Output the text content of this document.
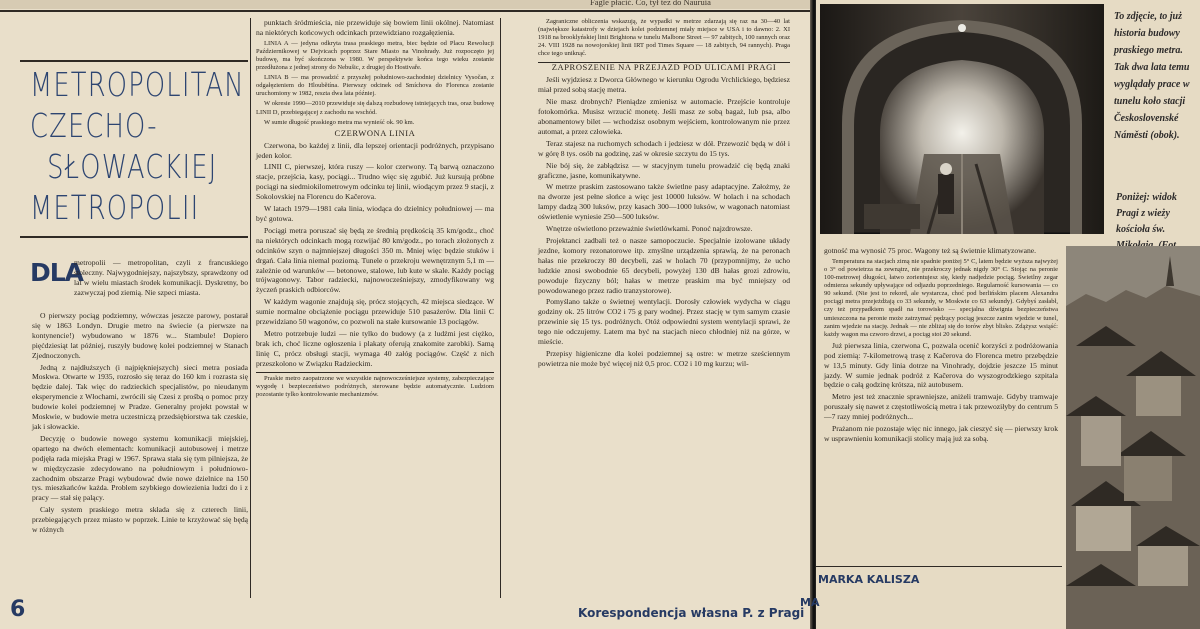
Fagle płacić. Co, tył tez do Nauruia
METROPOLITAN
CZECHO-
SŁOWACKIEJ
METROPOLII
DLA

metropolii — metropolitan, czyli z francuskiego stoleczny. Najwygodniejszy, najszybszy, sprawdzony od lat w wielu miastach środek komunikacji. Dyskretny, bo zazwyczaj pod ziemią. Nie szpeci miasta.

O pierwszy pociąg podziemny, wówczas jeszcze parowy, postarał się w 1863 Londyn. Drugie metro na świecie (a pierwsze na kontynencie!) wybudowano w 1876 w... Stambule! Dopiero pięćdziesiąt lat później, ruszyły budowę kolei podziemnej w Stanach Zjednoczonych.

Jedną z najdłuższych (i najpiękniejszych) sieci metra posiada Moskwa. Otwarte w 1935, rozrosło się teraz do 160 km i rozrasta się będzie dalej. Tak więc do radzieckich specjalistów, po nieudanym eksperymencie z Włochami, zwrócili się Czesi z prośbą o pomoc przy budowie kolei podziemnej w Pradze. Generalny projekt powstał w Moskwie, w budowie metra uczestniczą przedsiębiorstwa tak czeskie, jak i słowackie.

Decyzję o budowie nowego systemu komunikacji miejskiej, opartego na dwóch elementach: komunikacji autobusowej i metrze podjęła rada miejska Pragi w 1967. Sprawa stała się tym pilniejsza, że w międzyczasie zdecydowano na południowym i południowo-zachodnim obszarze Pragi wybudować dwie nowe dzielnice na 150 tys. mieszkańców każda. Problem szybkiego dowiezienia ludzi do i z pracy — stał się palący.

Cały system praskiego metra składa się z czterech linii, przebiegających przez miasto w poprzek. Linie te krzyżować się będą w różnych

punktach śródmieścia, nie przewiduje się bowiem linii okólnej. Natomiast na niektórych końcowych odcinkach przewidziano rozgałęzienia.

LINIA A — jedyna odkryta trasa praskiego metra, biec będzie od Placu Rewolucji Październikowej w Dejvicach poprzez Stare Miasto na Vinohrady. Już rozpoczęto jej budowę, ma być skończona w 1980. W perspektywie końca tego wieku zostanie przedłużona z jednej strony do Nebušic, z drugiej do Hostivaře.

LINIA B — ma prowadzić z przyszłej południowo-zachodniej dzielnicy Vysočan, z odgałęzieniem do Hloubětína. Pierwszy odcinek od Smíchova do Florenca zostanie uruchomiony w 1982, reszta dwa lata później.

W okresie 1990—2010 przewiduje się dalszą rozbudowę istniejących tras, oraz budowę LINII D, przebiegającej z zachodu na wschód.

W sumie długość praskiego metra ma wynieść ok. 90 km.

CZERWONA LINIA

Czerwona, bo każdej z linii, dla lepszej orientacji podróżnych, przypisano jeden kolor.

LINII C, pierwszej, która ruszy — kolor czerwony. Tą barwą oznaczono stacje, przejścia, kasy, pociągi... Trudno więc się zgubić. Już kursują próbne pociągi na siedmiokilometrowym odcinku tej linii, wiodącym przez 9 stacji, z Sokolovskiej na Florencu do Kačerova.

W latach 1979—1981 cała linia, wiodąca do dzielnicy południowej — ma być gotowa.

Pociągi metra poruszać się będą ze średnią prędkością 35 km/godz., choć na niektórych odcinkach mogą rozwijać 80 km/godz., po torach złożonych z odcinków szyn o najmniejszej długości 350 m. Mniej więc będzie stuków i drgań. Cała linia niemal poziomą. Tunele o przekroju wewnętrznym 5,1 m — zależnie od warunków — betonowe, stalowe, lub kute w skale. Każdy pociąg trójwagonowy. Tabor radziecki, najnowocześniejszy, zmodyfikowany wg życzeń praskich odbiorców.

W każdym wagonie znajdują się, prócz stojących, 42 miejsca siedzące. W sumie normalne obciążenie pociągu przewiduje 510 pasażerów. Dla linii C przewidziano 50 wagonów, co pozwoli na stałe kursowanie 13 pociągów.

Metro potrzebuje ludzi — nie tylko do budowy (a z ludźmi jest ciężko, brak ich, choć liczne ogłoszenia i plakaty oferują znakomite zarobki). Samą linię C, prócz obsługi stacji, wymaga 40 załóg pociągów. Część z nich przeszkolono w Związku Radzieckim.

Praskie metro zaopatrzone we wszystkie najnowocześniejsze systemy, zabezpieczające wygodę i bezpieczeństwo podróżnych, sterowane będzie automatycznie. Ludziom pozostanie tylko kontrolowanie mechanizmów.

Zagraniczne obliczenia wskazują, że wypadki w metrze zdarzają się raz na 30—40 lat (największe katastrofy w dziejach kolei podziemnej miały miejsce w USA i to dawno: 2. XI 1918 na brooklyńskiej linii Brightona w tunelu Malbone Street — 97 zabitych, 100 rannych oraz 24. VIII 1928 na nowojorskiej linii IRT pod Times Square — 18 zabitych, 94 rannych). Praga chce tego uniknąć.

ZAPROSZENIE NA PRZEJAZD POD ULICAMI PRAGI

Jeśli wyjdziesz z Dworca Głównego w kierunku Ogrodu Vrchlickiego, będziesz miał przed sobą stację metra.

Nie masz drobnych? Pieniądze zmienisz w automacie. Przejście kontroluje fotokomórka. Musisz wrzucić monetę. Jeśli masz ze sobą bagaż, lub psa, albo abonamentowy bilet — wchodzisz osobnym wejściem, kontrolowanym nie przez automat, a przez człowieka.

Teraz stajesz na ruchomych schodach i jedziesz w dół. Przewozić będą w dół i w górę 8 tys. osób na godzinę, zaś w okresie szczytu do 15 tys.

Nie bój się, że zabłądzisz — w stacyjnym tunelu prowadzić cię będą znaki graficzne, jasne, komunikatywne.

W metrze praskim zastosowano także świetlne pasy adaptacyjne. Założmy, że na dworze jest pełne słońce a więc jest 10000 luksów. W holach i na schodach lampy dadzą 300 luksów, przy kasach 300—1000 luksów, w wagonach natomiast oświetlenie wyniesie 250—500 luksów.

Wnętrze oświetlono przeważnie świetlówkami. Ponoć najzdrowsze.

Projektanci zadbali też o nasze samopoczucie. Specjalnie izolowane układy jezdne, komory rezonatorowe itp. zmyślne urządzenia sprawią, że na peronach hałas nie przekroczy 80 decybeli, zaś w holach 70 (przypomnijmy, że ucho ludzkie znosi swobodnie 65 decybeli, powyżej 130 dB hałas grozi zdrowiu, powoduje fizyczny ból; hałas w metrze praskim ma być mniejszy od powodowanego przez radio tranzystorowe).

Pomyślano także o świetnej wentylacji. Dorosły człowiek wydycha w ciągu godziny ok. 25 litrów CO2 i 75 g pary wodnej. Przez stację w tym samym czasie przewinie się 15 tys. podróżnych. Otóż odpowiedni system wentylacji sprawi, że tego nie odczujemy. Latem ma być na stacjach nieco chłodniej niż na górze, w mieście.

Przepisy higieniczne dla kolei podziemnej są ostre: w metrze sześciennym powietrza nie może być więcej niż 0,5 proc. CO2 i 10 mg kurzu; wil-

6	Korespondencja własna P. z Pragi
To zdjęcie, to już historia budowy praskiego metra. Tak dwa lata temu wyglądały prace w tunelu koło stacji Československé Náměsti (obok).
Poniżej: widok Pragi z wieży kościoła św.

gotność ma wynosić 75 proc. Wagony też są świetnie klimatyzowane.

Temperatura na stacjach zimą nie spadnie poniżej 5° C, latem będzie wyższa najwyżej o 3° od powietrza na zewnątrz, nie przekroczy jednak nigdy 30° C. Stojąc na peronie 100-metrowej długości, łatwo zorientujesz się, kiedy nadjedzie pociąg. Świetlny zegar odmierza sekundy upływające od odjazdu poprzedniego. Regularność kursowania — co 90 sekund. (Nie jest to rekord, ale wystarcza, choć pod berlińskim placem Alexandra pociągi metra przejeżdżają co 33 sekundy, w Moskwie co 63 sekundy). Gdybyś zasłabł, czy też przypadkiem spadł na torowisko — specjalna dźwignia bezpieczeństwa umieszczona na peronie może zatrzymać pędzący pociąg jeszcze zanim wjedzie w tunel, zanim wjedzie na stację. Jednak — nie zbliżaj się do torów zbyt blisko. Zdążysz wsiąść: każdy wagon ma czworo drzwi, a pociąg stoi 20 sekund.

Już pierwsza linia, czerwona C, pozwala ocenić korzyści z podróżowania pod ziemią: 7-kilometrową trasę z Kačerova do Florenca metro przebędzie w 13,5 minuty. Gdy linia dotrze na Vinohrady, dojdzie jeszcze 15 minut jazdy. W sumie jednak podróż z Kačerova do wyszogrodzkiego szpitala będzie o całą godzinę krótsza, niż autobusem.

Metro jest też znacznie sprawniejsze, aniżeli tramwaje. Gdyby tramwaje poruszały się nawet z częstotliwością metra i tak przewoziłyby do centrum 5—7 razy mniej podróżnych...

Prażanom nie pozostaje więc nic innego, jak cieszyć się — pierwszy krok w usprawnieniu komunikacji stolicy mają już za sobą.

MARKA KALISZA
MA
